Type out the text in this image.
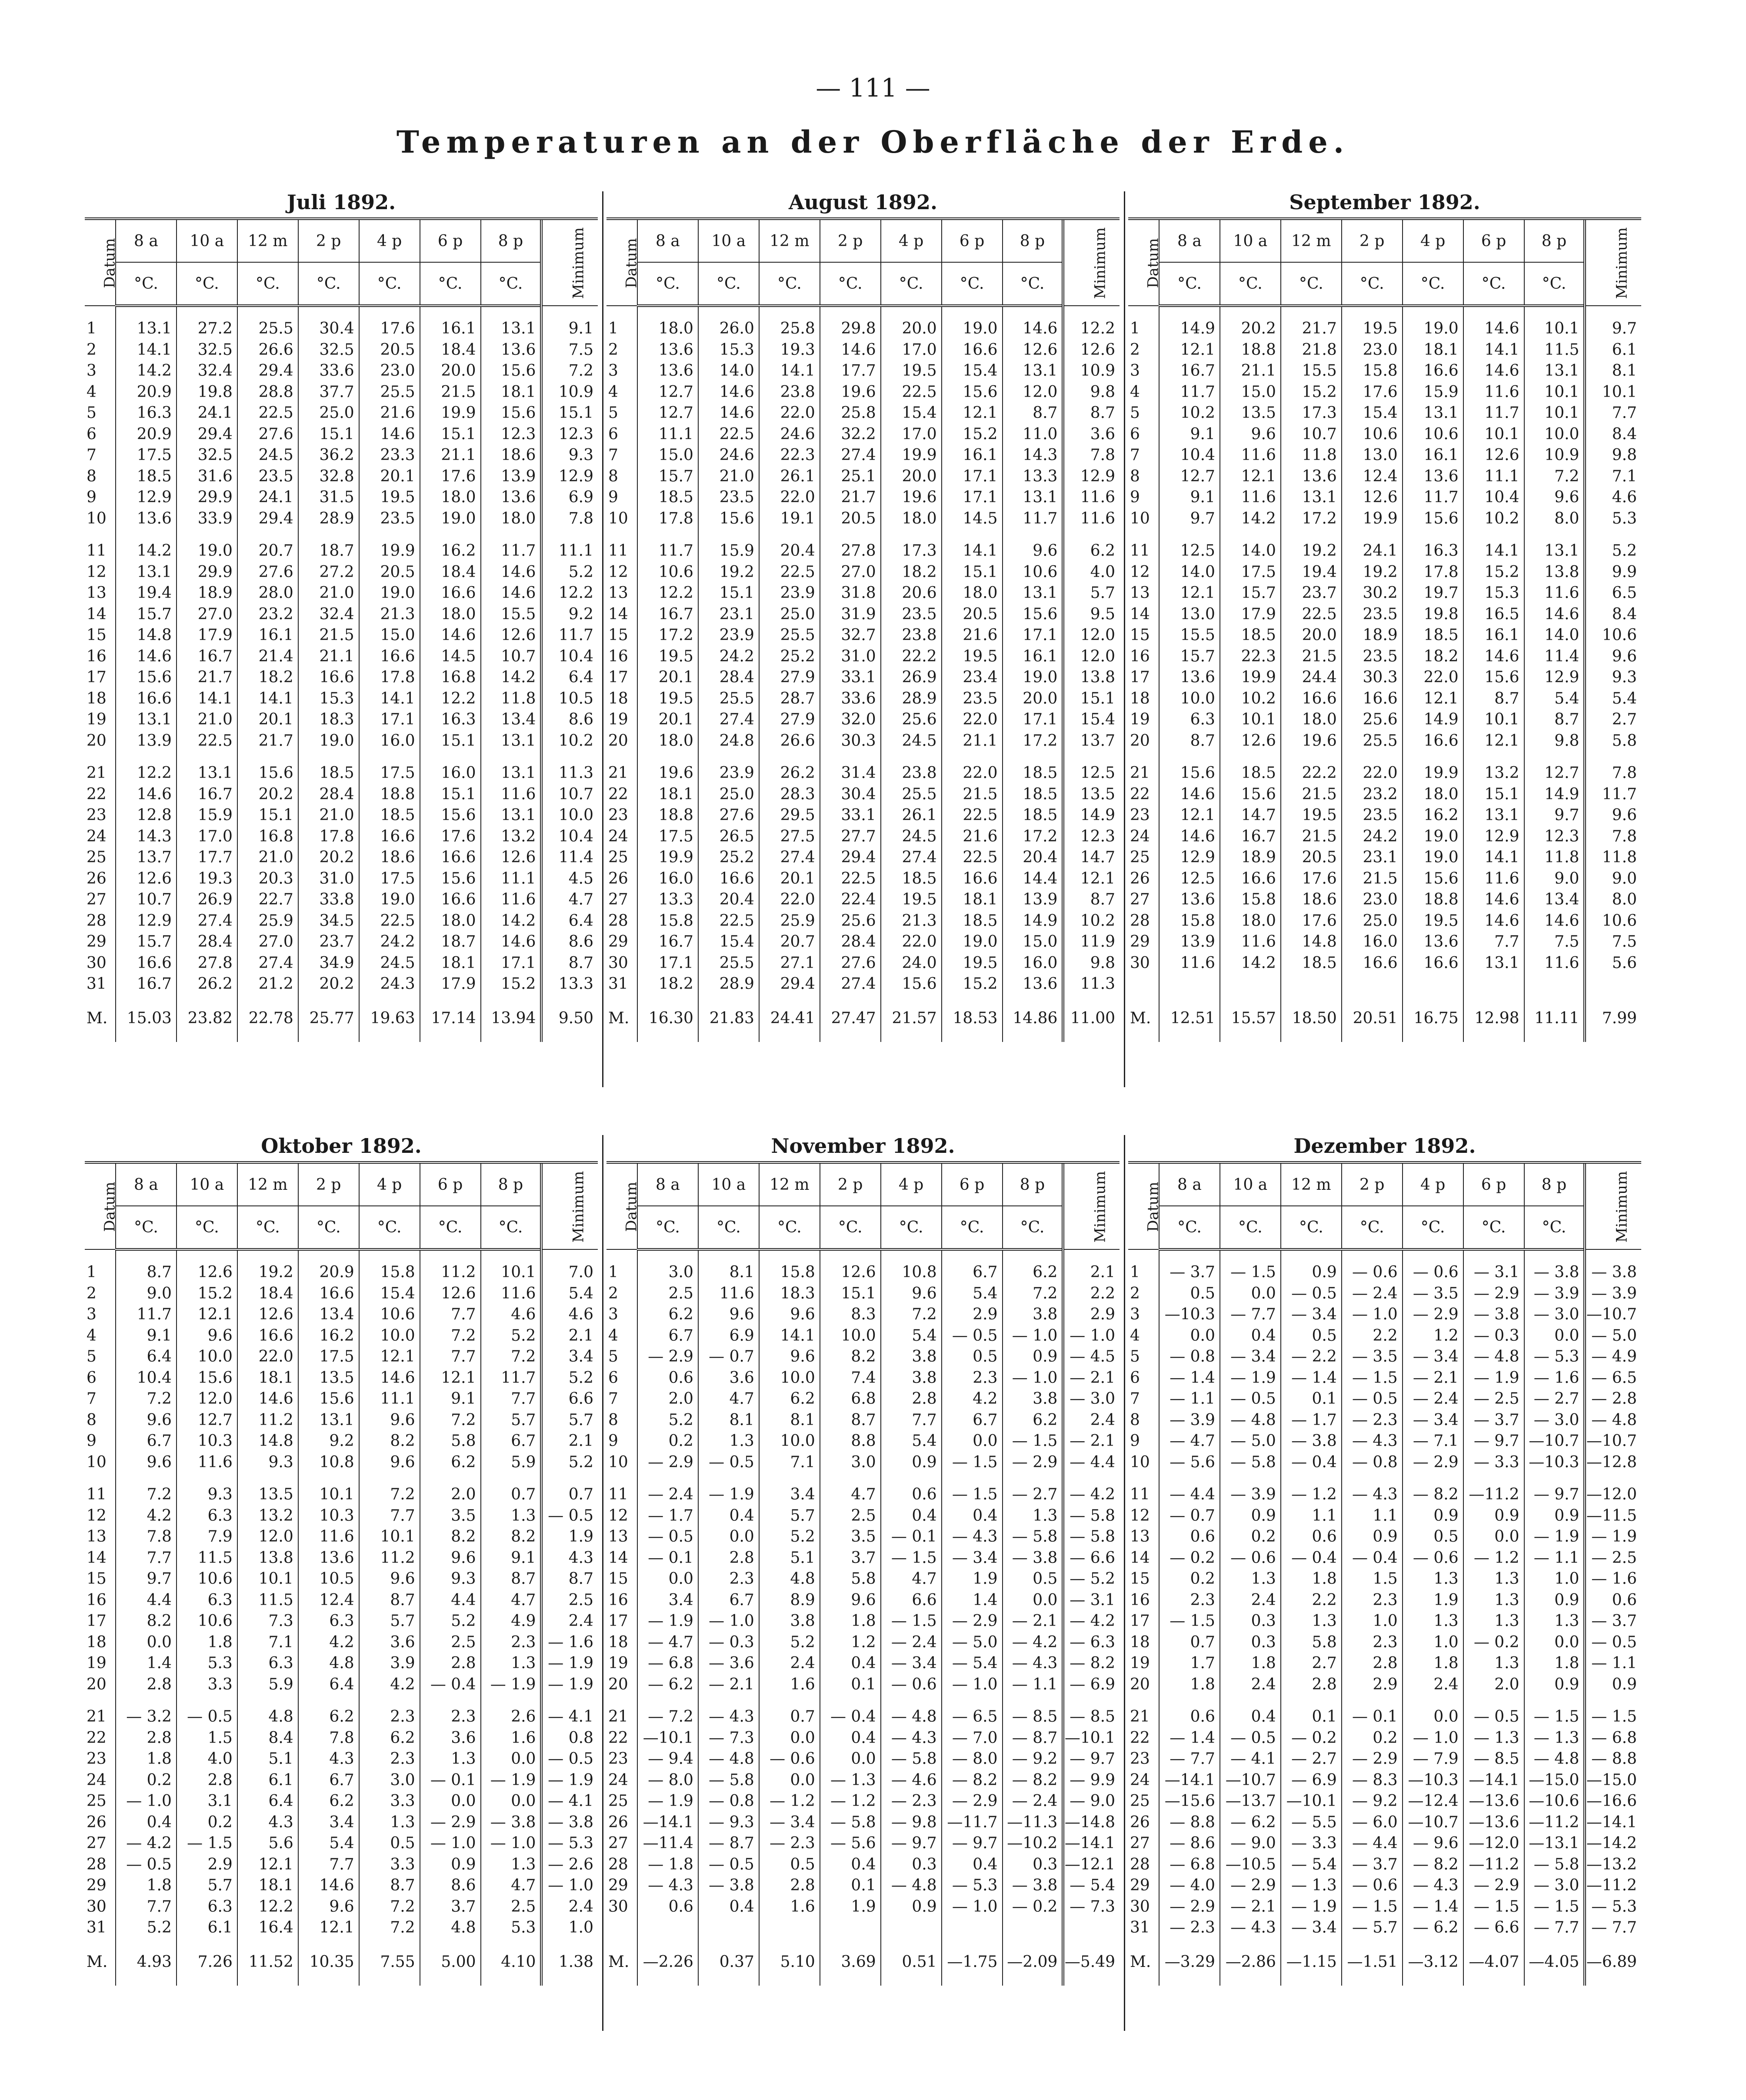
— 111 —
Temperaturen an der Oberfläche der Erde.
Juli 1892.
Datum	8 a	10 a	12 m	2 p	4 p	6 p	8 p	Minimum
	°C.	°C.	°C.	°C.	°C.	°C.	°C.	

1	13.1	27.2	25.5	30.4	17.6	16.1	13.1	9.1
2	14.1	32.5	26.6	32.5	20.5	18.4	13.6	7.5
3	14.2	32.4	29.4	33.6	23.0	20.0	15.6	7.2
4	20.9	19.8	28.8	37.7	25.5	21.5	18.1	10.9
5	16.3	24.1	22.5	25.0	21.6	19.9	15.6	15.1
6	20.9	29.4	27.6	15.1	14.6	15.1	12.3	12.3
7	17.5	32.5	24.5	36.2	23.3	21.1	18.6	9.3
8	18.5	31.6	23.5	32.8	20.1	17.6	13.9	12.9
9	12.9	29.9	24.1	31.5	19.5	18.0	13.6	6.9
10	13.6	33.9	29.4	28.9	23.5	19.0	18.0	7.8

11	14.2	19.0	20.7	18.7	19.9	16.2	11.7	11.1
12	13.1	29.9	27.6	27.2	20.5	18.4	14.6	5.2
13	19.4	18.9	28.0	21.0	19.0	16.6	14.6	12.2
14	15.7	27.0	23.2	32.4	21.3	18.0	15.5	9.2
15	14.8	17.9	16.1	21.5	15.0	14.6	12.6	11.7
16	14.6	16.7	21.4	21.1	16.6	14.5	10.7	10.4
17	15.6	21.7	18.2	16.6	17.8	16.8	14.2	6.4
18	16.6	14.1	14.1	15.3	14.1	12.2	11.8	10.5
19	13.1	21.0	20.1	18.3	17.1	16.3	13.4	8.6
20	13.9	22.5	21.7	19.0	16.0	15.1	13.1	10.2

21	12.2	13.1	15.6	18.5	17.5	16.0	13.1	11.3
22	14.6	16.7	20.2	28.4	18.8	15.1	11.6	10.7
23	12.8	15.9	15.1	21.0	18.5	15.6	13.1	10.0
24	14.3	17.0	16.8	17.8	16.6	17.6	13.2	10.4
25	13.7	17.7	21.0	20.2	18.6	16.6	12.6	11.4
26	12.6	19.3	20.3	31.0	17.5	15.6	11.1	4.5
27	10.7	26.9	22.7	33.8	19.0	16.6	11.6	4.7
28	12.9	27.4	25.9	34.5	22.5	18.0	14.2	6.4
29	15.7	28.4	27.0	23.7	24.2	18.7	14.6	8.6
30	16.6	27.8	27.4	34.9	24.5	18.1	17.1	8.7
31	16.7	26.2	21.2	20.2	24.3	17.9	15.2	13.3
M.	15.03	23.82	22.78	25.77	19.63	17.14	13.94	9.50
August 1892.
Datum	8 a	10 a	12 m	2 p	4 p	6 p	8 p	Minimum
	°C.	°C.	°C.	°C.	°C.	°C.	°C.	

1	18.0	26.0	25.8	29.8	20.0	19.0	14.6	12.2
2	13.6	15.3	19.3	14.6	17.0	16.6	12.6	12.6
3	13.6	14.0	14.1	17.7	19.5	15.4	13.1	10.9
4	12.7	14.6	23.8	19.6	22.5	15.6	12.0	9.8
5	12.7	14.6	22.0	25.8	15.4	12.1	8.7	8.7
6	11.1	22.5	24.6	32.2	17.0	15.2	11.0	3.6
7	15.0	24.6	22.3	27.4	19.9	16.1	14.3	7.8
8	15.7	21.0	26.1	25.1	20.0	17.1	13.3	12.9
9	18.5	23.5	22.0	21.7	19.6	17.1	13.1	11.6
10	17.8	15.6	19.1	20.5	18.0	14.5	11.7	11.6

11	11.7	15.9	20.4	27.8	17.3	14.1	9.6	6.2
12	10.6	19.2	22.5	27.0	18.2	15.1	10.6	4.0
13	12.2	15.1	23.9	31.8	20.6	18.0	13.1	5.7
14	16.7	23.1	25.0	31.9	23.5	20.5	15.6	9.5
15	17.2	23.9	25.5	32.7	23.8	21.6	17.1	12.0
16	19.5	24.2	25.2	31.0	22.2	19.5	16.1	12.0
17	20.1	28.4	27.9	33.1	26.9	23.4	19.0	13.8
18	19.5	25.5	28.7	33.6	28.9	23.5	20.0	15.1
19	20.1	27.4	27.9	32.0	25.6	22.0	17.1	15.4
20	18.0	24.8	26.6	30.3	24.5	21.1	17.2	13.7

21	19.6	23.9	26.2	31.4	23.8	22.0	18.5	12.5
22	18.1	25.0	28.3	30.4	25.5	21.5	18.5	13.5
23	18.8	27.6	29.5	33.1	26.1	22.5	18.5	14.9
24	17.5	26.5	27.5	27.7	24.5	21.6	17.2	12.3
25	19.9	25.2	27.4	29.4	27.4	22.5	20.4	14.7
26	16.0	16.6	20.1	22.5	18.5	16.6	14.4	12.1
27	13.3	20.4	22.0	22.4	19.5	18.1	13.9	8.7
28	15.8	22.5	25.9	25.6	21.3	18.5	14.9	10.2
29	16.7	15.4	20.7	28.4	22.0	19.0	15.0	11.9
30	17.1	25.5	27.1	27.6	24.0	19.5	16.0	9.8
31	18.2	28.9	29.4	27.4	15.6	15.2	13.6	11.3
M.	16.30	21.83	24.41	27.47	21.57	18.53	14.86	11.00
September 1892.
Datum	8 a	10 a	12 m	2 p	4 p	6 p	8 p	Minimum
	°C.	°C.	°C.	°C.	°C.	°C.	°C.	

1	14.9	20.2	21.7	19.5	19.0	14.6	10.1	9.7
2	12.1	18.8	21.8	23.0	18.1	14.1	11.5	6.1
3	16.7	21.1	15.5	15.8	16.6	14.6	13.1	8.1
4	11.7	15.0	15.2	17.6	15.9	11.6	10.1	10.1
5	10.2	13.5	17.3	15.4	13.1	11.7	10.1	7.7
6	9.1	9.6	10.7	10.6	10.6	10.1	10.0	8.4
7	10.4	11.6	11.8	13.0	16.1	12.6	10.9	9.8
8	12.7	12.1	13.6	12.4	13.6	11.1	7.2	7.1
9	9.1	11.6	13.1	12.6	11.7	10.4	9.6	4.6
10	9.7	14.2	17.2	19.9	15.6	10.2	8.0	5.3

11	12.5	14.0	19.2	24.1	16.3	14.1	13.1	5.2
12	14.0	17.5	19.4	19.2	17.8	15.2	13.8	9.9
13	12.1	15.7	23.7	30.2	19.7	15.3	11.6	6.5
14	13.0	17.9	22.5	23.5	19.8	16.5	14.6	8.4
15	15.5	18.5	20.0	18.9	18.5	16.1	14.0	10.6
16	15.7	22.3	21.5	23.5	18.2	14.6	11.4	9.6
17	13.6	19.9	24.4	30.3	22.0	15.6	12.9	9.3
18	10.0	10.2	16.6	16.6	12.1	8.7	5.4	5.4
19	6.3	10.1	18.0	25.6	14.9	10.1	8.7	2.7
20	8.7	12.6	19.6	25.5	16.6	12.1	9.8	5.8

21	15.6	18.5	22.2	22.0	19.9	13.2	12.7	7.8
22	14.6	15.6	21.5	23.2	18.0	15.1	14.9	11.7
23	12.1	14.7	19.5	23.5	16.2	13.1	9.7	9.6
24	14.6	16.7	21.5	24.2	19.0	12.9	12.3	7.8
25	12.9	18.9	20.5	23.1	19.0	14.1	11.8	11.8
26	12.5	16.6	17.6	21.5	15.6	11.6	9.0	9.0
27	13.6	15.8	18.6	23.0	18.8	14.6	13.4	8.0
28	15.8	18.0	17.6	25.0	19.5	14.6	14.6	10.6
29	13.9	11.6	14.8	16.0	13.6	7.7	7.5	7.5
30	11.6	14.2	18.5	16.6	16.6	13.1	11.6	5.6

M.	12.51	15.57	18.50	20.51	16.75	12.98	11.11	7.99
Oktober 1892.
Datum	8 a	10 a	12 m	2 p	4 p	6 p	8 p	Minimum
	°C.	°C.	°C.	°C.	°C.	°C.	°C.	

1	8.7	12.6	19.2	20.9	15.8	11.2	10.1	7.0
2	9.0	15.2	18.4	16.6	15.4	12.6	11.6	5.4
3	11.7	12.1	12.6	13.4	10.6	7.7	4.6	4.6
4	9.1	9.6	16.6	16.2	10.0	7.2	5.2	2.1
5	6.4	10.0	22.0	17.5	12.1	7.7	7.2	3.4
6	10.4	15.6	18.1	13.5	14.6	12.1	11.7	5.2
7	7.2	12.0	14.6	15.6	11.1	9.1	7.7	6.6
8	9.6	12.7	11.2	13.1	9.6	7.2	5.7	5.7
9	6.7	10.3	14.8	9.2	8.2	5.8	6.7	2.1
10	9.6	11.6	9.3	10.8	9.6	6.2	5.9	5.2

11	7.2	9.3	13.5	10.1	7.2	2.0	0.7	0.7
12	4.2	6.3	13.2	10.3	7.7	3.5	1.3	— 0.5
13	7.8	7.9	12.0	11.6	10.1	8.2	8.2	1.9
14	7.7	11.5	13.8	13.6	11.2	9.6	9.1	4.3
15	9.7	10.6	10.1	10.5	9.6	9.3	8.7	8.7
16	4.4	6.3	11.5	12.4	8.7	4.4	4.7	2.5
17	8.2	10.6	7.3	6.3	5.7	5.2	4.9	2.4
18	0.0	1.8	7.1	4.2	3.6	2.5	2.3	— 1.6
19	1.4	5.3	6.3	4.8	3.9	2.8	1.3	— 1.9
20	2.8	3.3	5.9	6.4	4.2	— 0.4	— 1.9	— 1.9

21	— 3.2	— 0.5	4.8	6.2	2.3	2.3	2.6	— 4.1
22	2.8	1.5	8.4	7.8	6.2	3.6	1.6	0.8
23	1.8	4.0	5.1	4.3	2.3	1.3	0.0	— 0.5
24	0.2	2.8	6.1	6.7	3.0	— 0.1	— 1.9	— 1.9
25	— 1.0	3.1	6.4	6.2	3.3	0.0	0.0	— 4.1
26	0.4	0.2	4.3	3.4	1.3	— 2.9	— 3.8	— 3.8
27	— 4.2	— 1.5	5.6	5.4	0.5	— 1.0	— 1.0	— 5.3
28	— 0.5	2.9	12.1	7.7	3.3	0.9	1.3	— 2.6
29	1.8	5.7	18.1	14.6	8.7	8.6	4.7	— 1.0
30	7.7	6.3	12.2	9.6	7.2	3.7	2.5	2.4
31	5.2	6.1	16.4	12.1	7.2	4.8	5.3	1.0
M.	4.93	7.26	11.52	10.35	7.55	5.00	4.10	1.38
November 1892.
Datum	8 a	10 a	12 m	2 p	4 p	6 p	8 p	Minimum
	°C.	°C.	°C.	°C.	°C.	°C.	°C.	

1	3.0	8.1	15.8	12.6	10.8	6.7	6.2	2.1
2	2.5	11.6	18.3	15.1	9.6	5.4	7.2	2.2
3	6.2	9.6	9.6	8.3	7.2	2.9	3.8	2.9
4	6.7	6.9	14.1	10.0	5.4	— 0.5	— 1.0	— 1.0
5	— 2.9	— 0.7	9.6	8.2	3.8	0.5	0.9	— 4.5
6	0.6	3.6	10.0	7.4	3.8	2.3	— 1.0	— 2.1
7	2.0	4.7	6.2	6.8	2.8	4.2	3.8	— 3.0
8	5.2	8.1	8.1	8.7	7.7	6.7	6.2	2.4
9	0.2	1.3	10.0	8.8	5.4	0.0	— 1.5	— 2.1
10	— 2.9	— 0.5	7.1	3.0	0.9	— 1.5	— 2.9	— 4.4

11	— 2.4	— 1.9	3.4	4.7	0.6	— 1.5	— 2.7	— 4.2
12	— 1.7	0.4	5.7	2.5	0.4	0.4	1.3	— 5.8
13	— 0.5	0.0	5.2	3.5	— 0.1	— 4.3	— 5.8	— 5.8
14	— 0.1	2.8	5.1	3.7	— 1.5	— 3.4	— 3.8	— 6.6
15	0.0	2.3	4.8	5.8	4.7	1.9	0.5	— 5.2
16	3.4	6.7	8.9	9.6	6.6	1.4	0.0	— 3.1
17	— 1.9	— 1.0	3.8	1.8	— 1.5	— 2.9	— 2.1	— 4.2
18	— 4.7	— 0.3	5.2	1.2	— 2.4	— 5.0	— 4.2	— 6.3
19	— 6.8	— 3.6	2.4	0.4	— 3.4	— 5.4	— 4.3	— 8.2
20	— 6.2	— 2.1	1.6	0.1	— 0.6	— 1.0	— 1.1	— 6.9

21	— 7.2	— 4.3	0.7	— 0.4	— 4.8	— 6.5	— 8.5	— 8.5
22	—10.1	— 7.3	0.0	0.4	— 4.3	— 7.0	— 8.7	—10.1
23	— 9.4	— 4.8	— 0.6	0.0	— 5.8	— 8.0	— 9.2	— 9.7
24	— 8.0	— 5.8	0.0	— 1.3	— 4.6	— 8.2	— 8.2	— 9.9
25	— 1.9	— 0.8	— 1.2	— 1.2	— 2.3	— 2.9	— 2.4	— 9.0
26	—14.1	— 9.3	— 3.4	— 5.8	— 9.8	—11.7	—11.3	—14.8
27	—11.4	— 8.7	— 2.3	— 5.6	— 9.7	— 9.7	—10.2	—14.1
28	— 1.8	— 0.5	0.5	0.4	0.3	0.4	0.3	—12.1
29	— 4.3	— 3.8	2.8	0.1	— 4.8	— 5.3	— 3.8	— 5.4
30	0.6	0.4	1.6	1.9	0.9	— 1.0	— 0.2	— 7.3

M.	—2.26	0.37	5.10	3.69	0.51	—1.75	—2.09	—5.49
Dezember 1892.
Datum	8 a	10 a	12 m	2 p	4 p	6 p	8 p	Minimum
	°C.	°C.	°C.	°C.	°C.	°C.	°C.	

1	— 3.7	— 1.5	0.9	— 0.6	— 0.6	— 3.1	— 3.8	— 3.8
2	0.5	0.0	— 0.5	— 2.4	— 3.5	— 2.9	— 3.9	— 3.9
3	—10.3	— 7.7	— 3.4	— 1.0	— 2.9	— 3.8	— 3.0	—10.7
4	0.0	0.4	0.5	2.2	1.2	— 0.3	0.0	— 5.0
5	— 0.8	— 3.4	— 2.2	— 3.5	— 3.4	— 4.8	— 5.3	— 4.9
6	— 1.4	— 1.9	— 1.4	— 1.5	— 2.1	— 1.9	— 1.6	— 6.5
7	— 1.1	— 0.5	0.1	— 0.5	— 2.4	— 2.5	— 2.7	— 2.8
8	— 3.9	— 4.8	— 1.7	— 2.3	— 3.4	— 3.7	— 3.0	— 4.8
9	— 4.7	— 5.0	— 3.8	— 4.3	— 7.1	— 9.7	—10.7	—10.7
10	— 5.6	— 5.8	— 0.4	— 0.8	— 2.9	— 3.3	—10.3	—12.8

11	— 4.4	— 3.9	— 1.2	— 4.3	— 8.2	—11.2	— 9.7	—12.0
12	— 0.7	0.9	1.1	1.1	0.9	0.9	0.9	—11.5
13	0.6	0.2	0.6	0.9	0.5	0.0	— 1.9	— 1.9
14	— 0.2	— 0.6	— 0.4	— 0.4	— 0.6	— 1.2	— 1.1	— 2.5
15	0.2	1.3	1.8	1.5	1.3	1.3	1.0	— 1.6
16	2.3	2.4	2.2	2.3	1.9	1.3	0.9	0.6
17	— 1.5	0.3	1.3	1.0	1.3	1.3	1.3	— 3.7
18	0.7	0.3	5.8	2.3	1.0	— 0.2	0.0	— 0.5
19	1.7	1.8	2.7	2.8	1.8	1.3	1.8	— 1.1
20	1.8	2.4	2.8	2.9	2.4	2.0	0.9	0.9

21	0.6	0.4	0.1	— 0.1	0.0	— 0.5	— 1.5	— 1.5
22	— 1.4	— 0.5	— 0.2	0.2	— 1.0	— 1.3	— 1.3	— 6.8
23	— 7.7	— 4.1	— 2.7	— 2.9	— 7.9	— 8.5	— 4.8	— 8.8
24	—14.1	—10.7	— 6.9	— 8.3	—10.3	—14.1	—15.0	—15.0
25	—15.6	—13.7	—10.1	— 9.2	—12.4	—13.6	—10.6	—16.6
26	— 8.8	— 6.2	— 5.5	— 6.0	—10.7	—13.6	—11.2	—14.1
27	— 8.6	— 9.0	— 3.3	— 4.4	— 9.6	—12.0	—13.1	—14.2
28	— 6.8	—10.5	— 5.4	— 3.7	— 8.2	—11.2	— 5.8	—13.2
29	— 4.0	— 2.9	— 1.3	— 0.6	— 4.3	— 2.9	— 3.0	—11.2
30	— 2.9	— 2.1	— 1.9	— 1.5	— 1.4	— 1.5	— 1.5	— 5.3
31	— 2.3	— 4.3	— 3.4	— 5.7	— 6.2	— 6.6	— 7.7	— 7.7
M.	—3.29	—2.86	—1.15	—1.51	—3.12	—4.07	—4.05	—6.89
